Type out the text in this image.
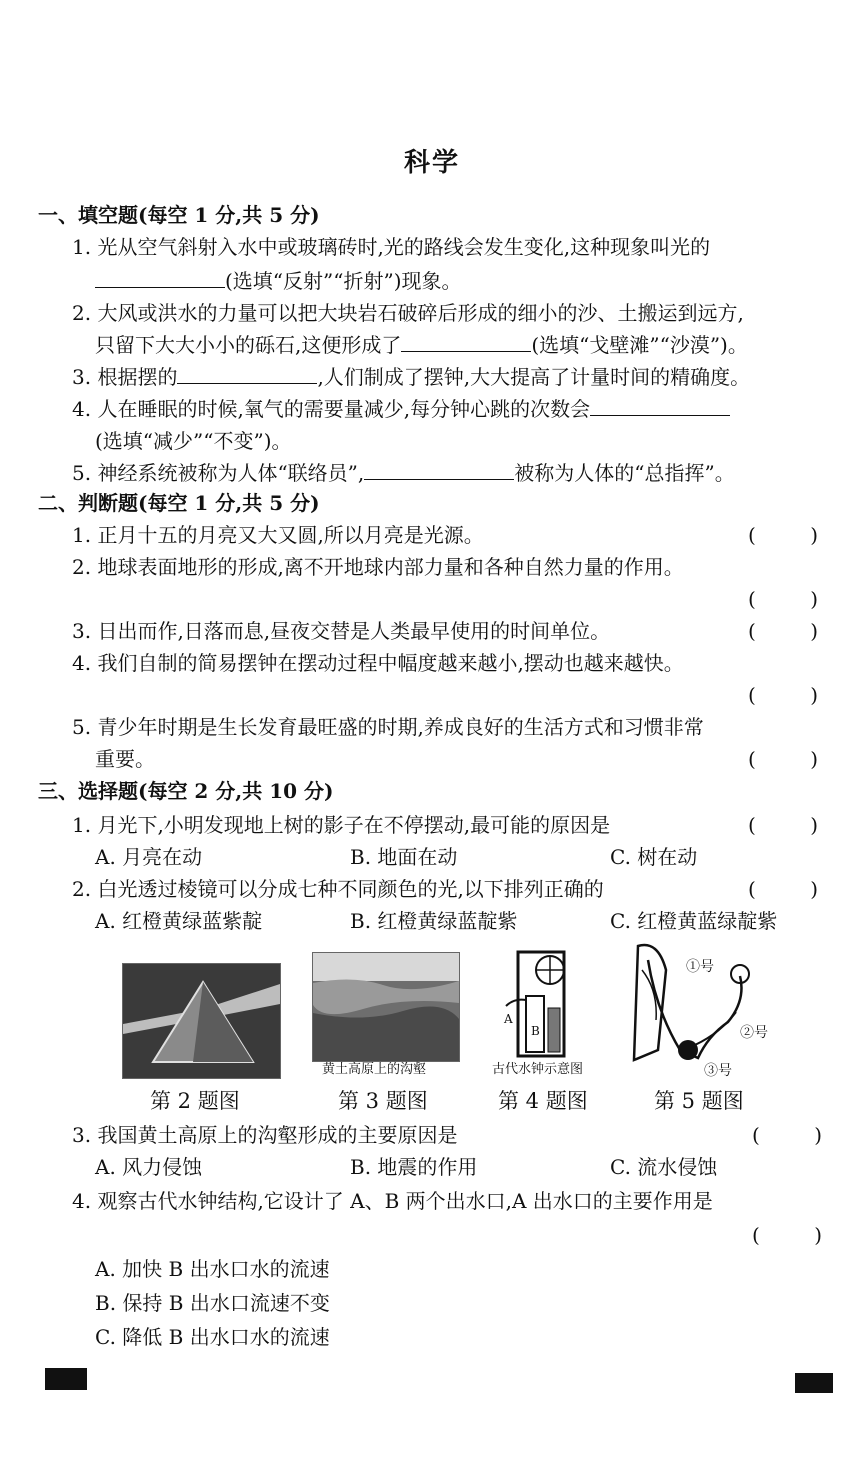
科学
一、填空题(每空 1 分,共 5 分)
1. 光从空气斜射入水中或玻璃砖时,光的路线会发生变化,这种现象叫光的
(选填“反射”“折射”)现象。
2. 大风或洪水的力量可以把大块岩石破碎后形成的细小的沙、土搬运到远方,
只留下大大小小的砾石,这便形成了	(选填“戈壁滩”“沙漠”)。
3. 根据摆的	,人们制成了摆钟,大大提高了计量时间的精确度。
4. 人在睡眠的时候,氧气的需要量减少,每分钟心跳的次数会
(选填“减少”“不变”)。
5. 神经系统被称为人体“联络员”,	被称为人体的“总指挥”。
二、判断题(每空 1 分,共 5 分)
1. 正月十五的月亮又大又圆,所以月亮是光源。	(	)
2. 地球表面地形的形成,离不开地球内部力量和各种自然力量的作用。
(	)
3. 日出而作,日落而息,昼夜交替是人类最早使用的时间单位。	(	)
4. 我们自制的简易摆钟在摆动过程中幅度越来越小,摆动也越来越快。
(	)
5. 青少年时期是生长发育最旺盛的时期,养成良好的生活方式和习惯非常
重要。	(	)
三、选择题(每空 2 分,共 10 分)
1. 月光下,小明发现地上树的影子在不停摆动,最可能的原因是	(	)
A. 月亮在动	B. 地面在动	C. 树在动
2. 白光透过棱镜可以分成七种不同颜色的光,以下排列正确的	(	)
A. 红橙黄绿蓝紫靛	B. 红橙黄绿蓝靛紫	C. 红橙黄蓝绿靛紫
黄土高原上的沟壑
A
B
古代水钟示意图
①号
②号
③号
第 2 题图	第 3 题图	第 4 题图	第 5 题图
3. 我国黄土高原上的沟壑形成的主要原因是	(	)
A. 风力侵蚀	B. 地震的作用	C. 流水侵蚀
4. 观察古代水钟结构,它设计了 A、B 两个出水口,A 出水口的主要作用是
(	)
A. 加快 B 出水口水的流速
B. 保持 B 出水口流速不变
C. 降低 B 出水口水的流速
